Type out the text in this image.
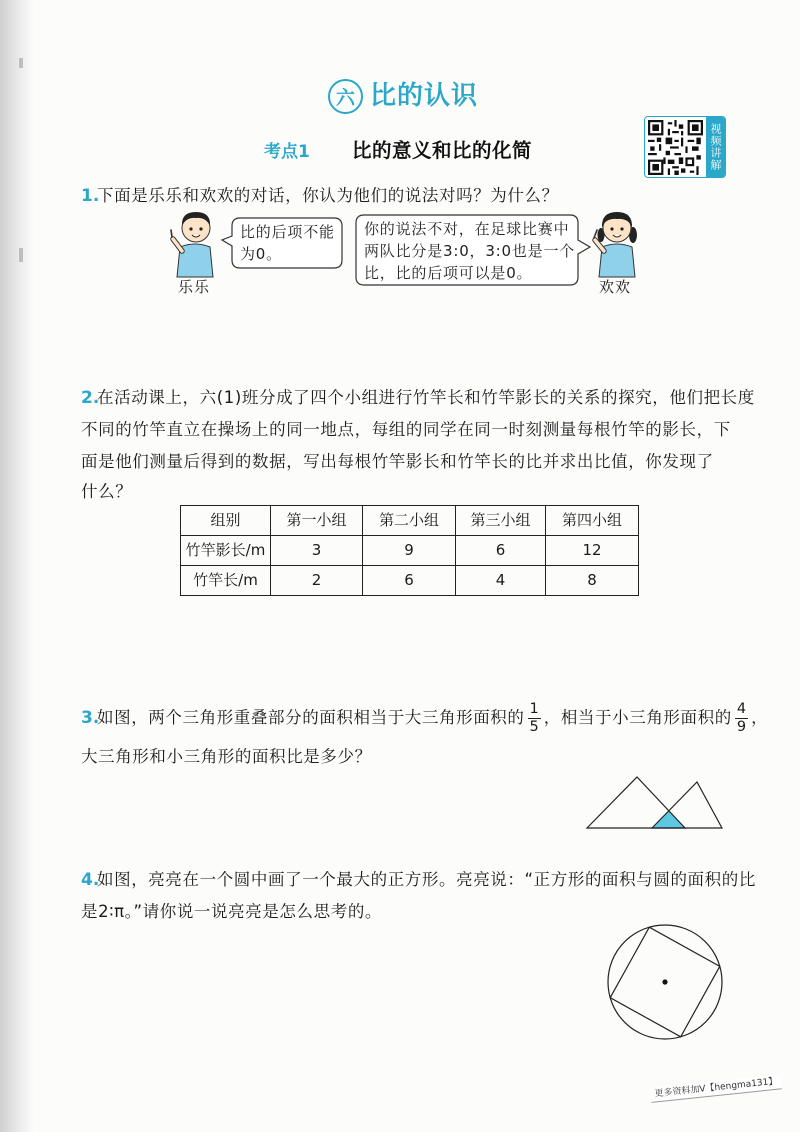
六 比的认识
考点1 比的意义和比的化简	视频讲解
1.下面是乐乐和欢欢的对话，你认为他们的说法对吗？为什么？
乐乐
比的后项不能
为0。
你的说法不对，在足球比赛中
两队比分是3:0，3:0也是一个
比，比的后项可以是0。
欢欢
2.在活动课上，六(1)班分成了四个小组进行竹竿长和竹竿影长的关系的探究，他们把长度
不同的竹竿直立在操场上的同一地点，每组的同学在同一时刻测量每根竹竿的影长，下
面是他们测量后得到的数据，写出每根竹竿影长和竹竿长的比并求出比值，你发现了
什么？
组别	第一小组	第二小组	第三小组	第四小组
竹竿影长/m	3	9	6	12
竹竿长/m	2	6	4	8
3.
如图，两个三角形重叠部分的面积相当于大三角形面积的 $\frac{1}{5}$ ，相当于小三角形面积的 $\frac{4}{9}$ ，
大三角形和小三角形的面积比是多少？
4.如图，亮亮在一个圆中画了一个最大的正方形。亮亮说：“正方形的面积与圆的面积的比
是2∶π。”请你说一说亮亮是怎么思考的。
更多资料加V【hengma131】
